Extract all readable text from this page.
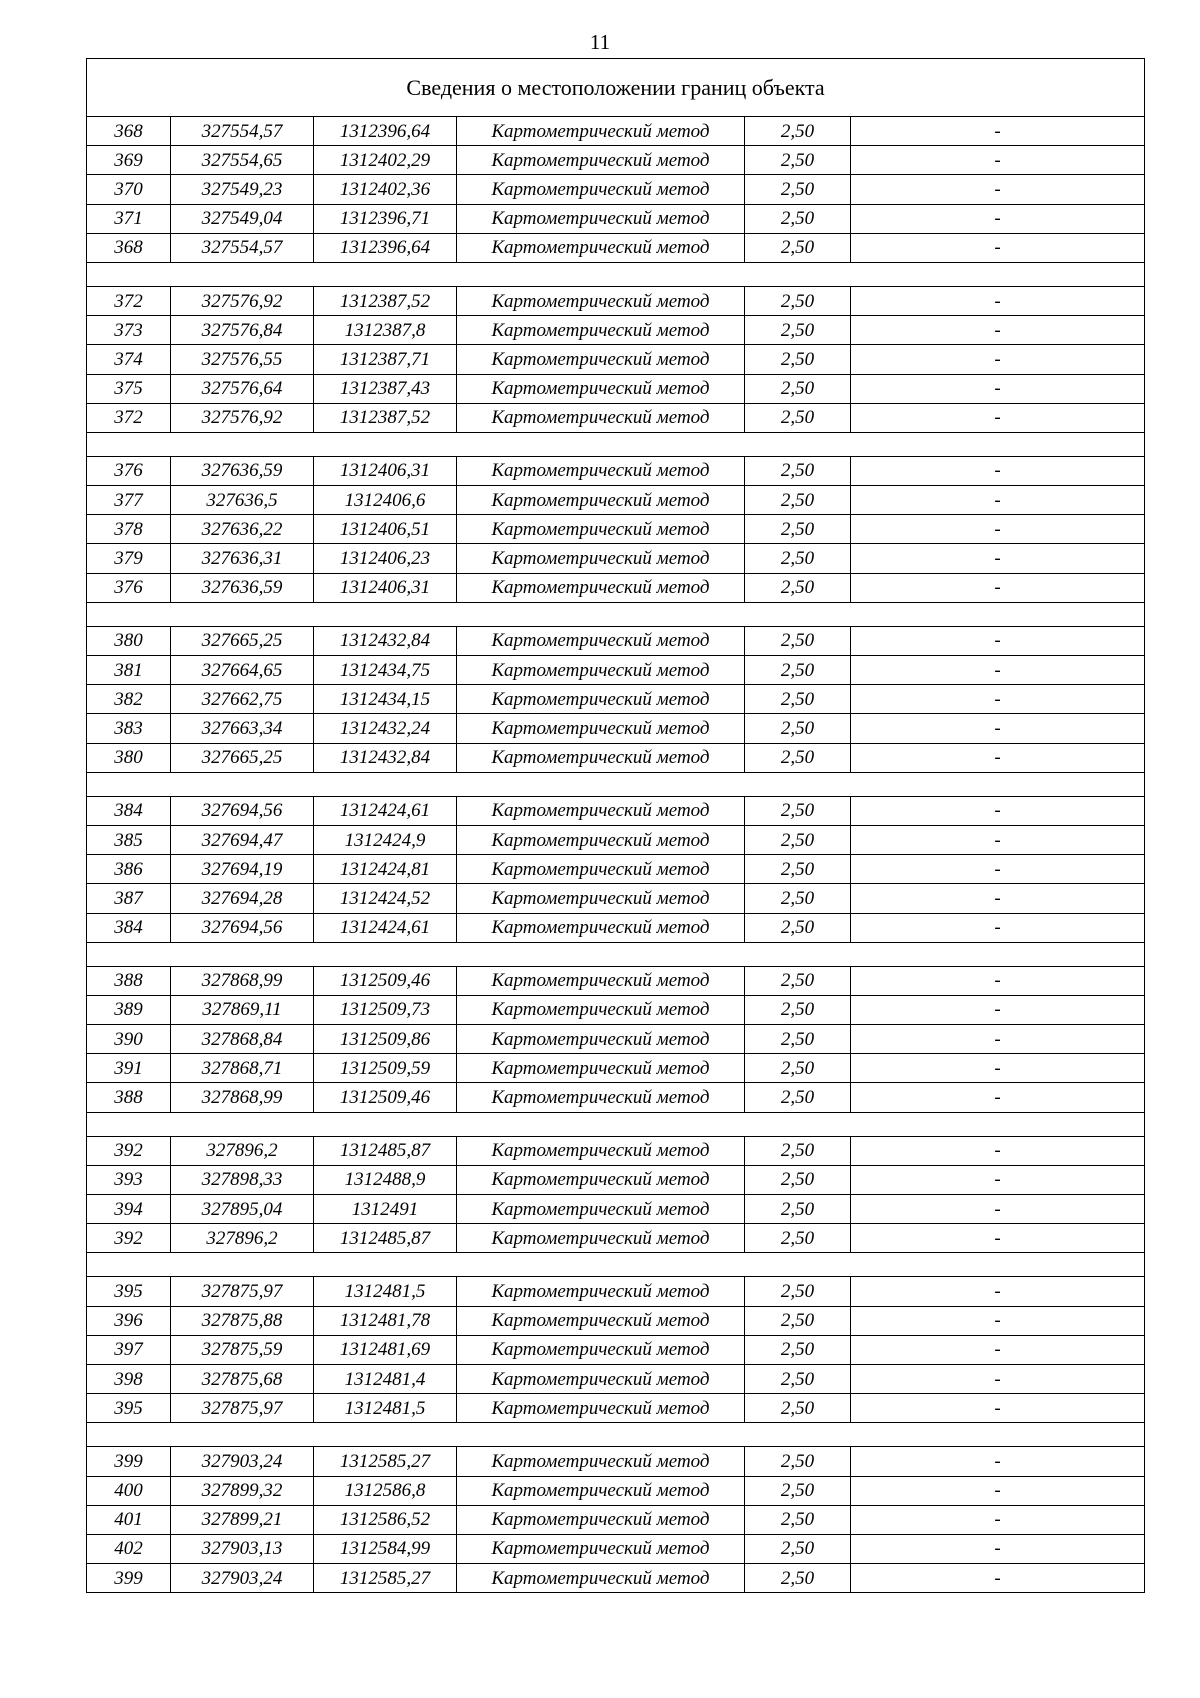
11
Сведения о местоположении границ объекта					
368	327554,57	1312396,64	Картометрический метод	2,50	-
369	327554,65	1312402,29	Картометрический метод	2,50	-
370	327549,23	1312402,36	Картометрический метод	2,50	-
371	327549,04	1312396,71	Картометрический метод	2,50	-
368	327554,57	1312396,64	Картометрический метод	2,50	-

372	327576,92	1312387,52	Картометрический метод	2,50	-
373	327576,84	1312387,8	Картометрический метод	2,50	-
374	327576,55	1312387,71	Картометрический метод	2,50	-
375	327576,64	1312387,43	Картометрический метод	2,50	-
372	327576,92	1312387,52	Картометрический метод	2,50	-

376	327636,59	1312406,31	Картометрический метод	2,50	-
377	327636,5	1312406,6	Картометрический метод	2,50	-
378	327636,22	1312406,51	Картометрический метод	2,50	-
379	327636,31	1312406,23	Картометрический метод	2,50	-
376	327636,59	1312406,31	Картометрический метод	2,50	-

380	327665,25	1312432,84	Картометрический метод	2,50	-
381	327664,65	1312434,75	Картометрический метод	2,50	-
382	327662,75	1312434,15	Картометрический метод	2,50	-
383	327663,34	1312432,24	Картометрический метод	2,50	-
380	327665,25	1312432,84	Картометрический метод	2,50	-

384	327694,56	1312424,61	Картометрический метод	2,50	-
385	327694,47	1312424,9	Картометрический метод	2,50	-
386	327694,19	1312424,81	Картометрический метод	2,50	-
387	327694,28	1312424,52	Картометрический метод	2,50	-
384	327694,56	1312424,61	Картометрический метод	2,50	-

388	327868,99	1312509,46	Картометрический метод	2,50	-
389	327869,11	1312509,73	Картометрический метод	2,50	-
390	327868,84	1312509,86	Картометрический метод	2,50	-
391	327868,71	1312509,59	Картометрический метод	2,50	-
388	327868,99	1312509,46	Картометрический метод	2,50	-

392	327896,2	1312485,87	Картометрический метод	2,50	-
393	327898,33	1312488,9	Картометрический метод	2,50	-
394	327895,04	1312491	Картометрический метод	2,50	-
392	327896,2	1312485,87	Картометрический метод	2,50	-

395	327875,97	1312481,5	Картометрический метод	2,50	-
396	327875,88	1312481,78	Картометрический метод	2,50	-
397	327875,59	1312481,69	Картометрический метод	2,50	-
398	327875,68	1312481,4	Картометрический метод	2,50	-
395	327875,97	1312481,5	Картометрический метод	2,50	-

399	327903,24	1312585,27	Картометрический метод	2,50	-
400	327899,32	1312586,8	Картометрический метод	2,50	-
401	327899,21	1312586,52	Картометрический метод	2,50	-
402	327903,13	1312584,99	Картометрический метод	2,50	-
399	327903,24	1312585,27	Картометрический метод	2,50	-
